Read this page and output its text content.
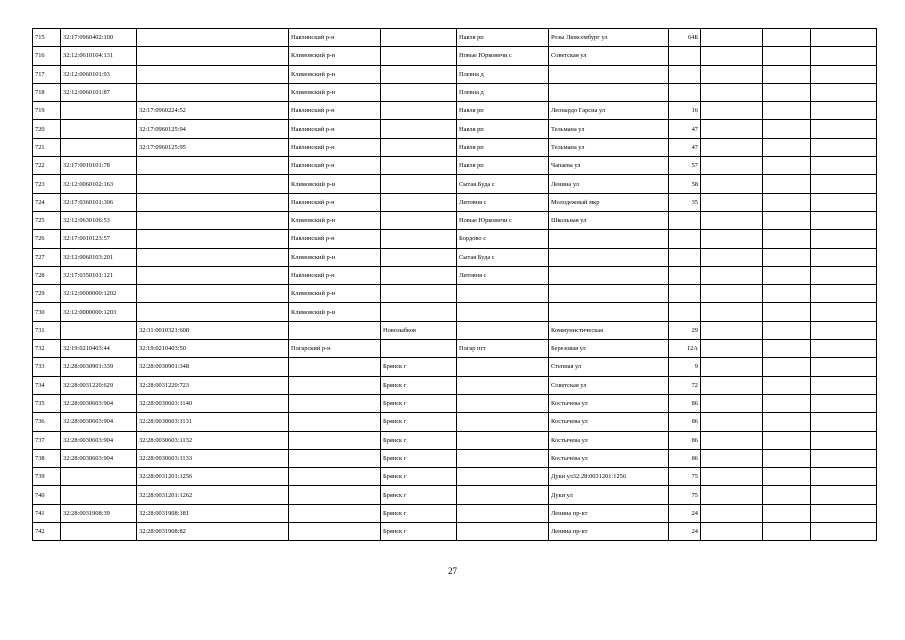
715	32:17:0960402:100		Навлинский р-н		Навля рп	Розы Люксембург ул	64Б			
716	32:12:0610104:131		Климовский р-н		Новые Юрковичи с	Советская ул				
717	32:12:0060101:93		Климовский р-н		Плевна д					
718	32:12:0060101:87		Климовский р-н		Плевна д					
719		32:17:0960224:52	Навлинский р-н		Навля рп	Леонардо Гарсиа ул	16			
720		32:17:0960125:94	Навлинский р-н		Навля рп	Тельмана ул	47			
721		32:17:0960125:95	Навлинский р-н		Навля рп	Тельмана ул	47			
722	32:17:0010101:78		Навлинский р-н		Навля рп	Чапаева ул	57			
723	32:12:0060102:163		Климовский р-н		Сытая Буда с	Ленина ул	58			
724	32:17:0360101:306		Навлинский р-н		Литовня с	Молодежный мкр	35			
725	32:12:0630106:53		Климовский р-н		Новые Юрковичи с	Школьная ул				
726	32:17:0010123:57		Навлинский р-н		Бордово с					
727	32:12:0060103:201		Климовский р-н		Сытая Буда с					
728	32:17:0350101:121		Навлинский р-н		Литовня с					
729	32:12:0000000:1202		Климовский р-н							
730	32:12:0000000:1203		Климовский р-н							
731		32:31:0010321:608		Новозыбков		Коммунистическая	29			
732	32:19:0210403:44	32:19:0210403:50	Погарский р-н		Погар пгт	Березовая ул	12А			
733	32:28:0030901:339	32:28:0030901:348		Брянск г		Степная ул	9			
734	32:28:0031220:629	32:28:0031220:723		Брянск г		Советская ул	72			
735	32:28:0030603:904	32:28:0030603:1140		Брянск г		Костычева ул	86			
736	32:28:0030603:904	32:28:0030603:1131		Брянск г		Костычева ул	86			
737	32:28:0030603:904	32:28:0030603:1132		Брянск г		Костычева ул	86			
738	32:28:0030603:904	32:28:0030603:1133		Брянск г		Костычева ул	86			
739		32:28:0031201:1256		Брянск г		Дуки ул32:28:0031201:1256	75			
740		32:28:0031201:1262		Брянск г		Дуки ул	75			
741	32:28:0031908:39	32:28:0031908:181		Брянск г		Ленина пр-кт	24			
742		32:28:0031908:82		Брянск г		Ленина пр-кт	24			
27
